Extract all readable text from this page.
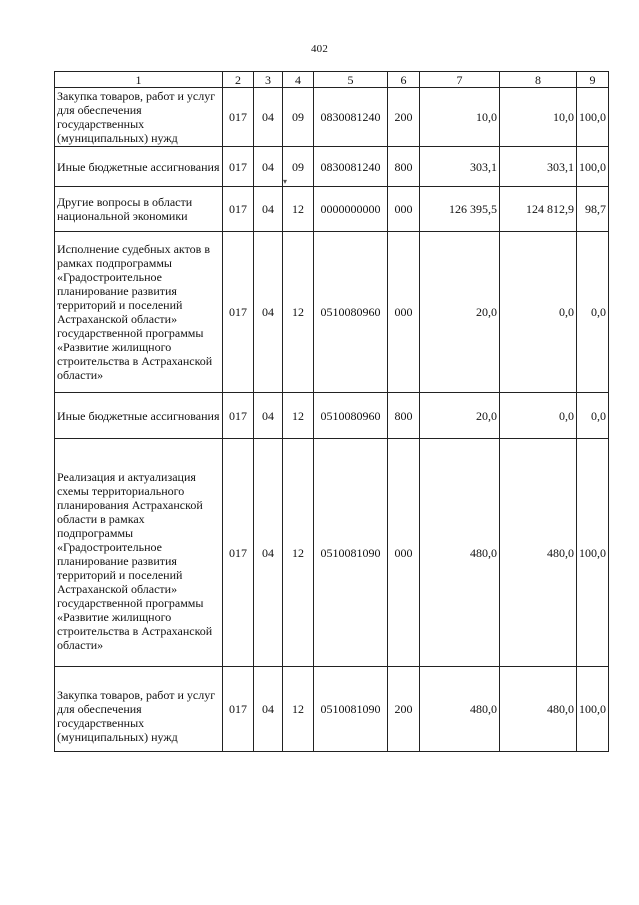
402
1	2	3	4	5	6	7	8	9
Закупка товаров, работ и услуг для обеспечения государственных (муниципальных) нужд	017	04	09	0830081240	200	10,0	10,0	100,0
Иные бюджетные ассигнования	017	04	09	0830081240	800	303,1	303,1	100,0
Другие вопросы в области национальной экономики	017	04	12	0000000000	000	126 395,5	124 812,9	98,7
Исполнение судебных актов в рамках подпрограммы «Градостроительное планирование развития территорий и поселений Астраханской области» государственной программы «Развитие жилищного строительства в Астраханской области»	017	04	12	0510080960	000	20,0	0,0	0,0
Иные бюджетные ассигнования	017	04	12	0510080960	800	20,0	0,0	0,0
Реализация и актуализация схемы территориального планирования Астраханской области в рамках подпрограммы «Градостроительное планирование развития территорий и поселений Астраханской области» государственной программы «Развитие жилищного строительства в Астраханской области»	017	04	12	0510081090	000	480,0	480,0	100,0
Закупка товаров, работ и услуг для обеспечения государственных (муниципальных) нужд	017	04	12	0510081090	200	480,0	480,0	100,0
▾
